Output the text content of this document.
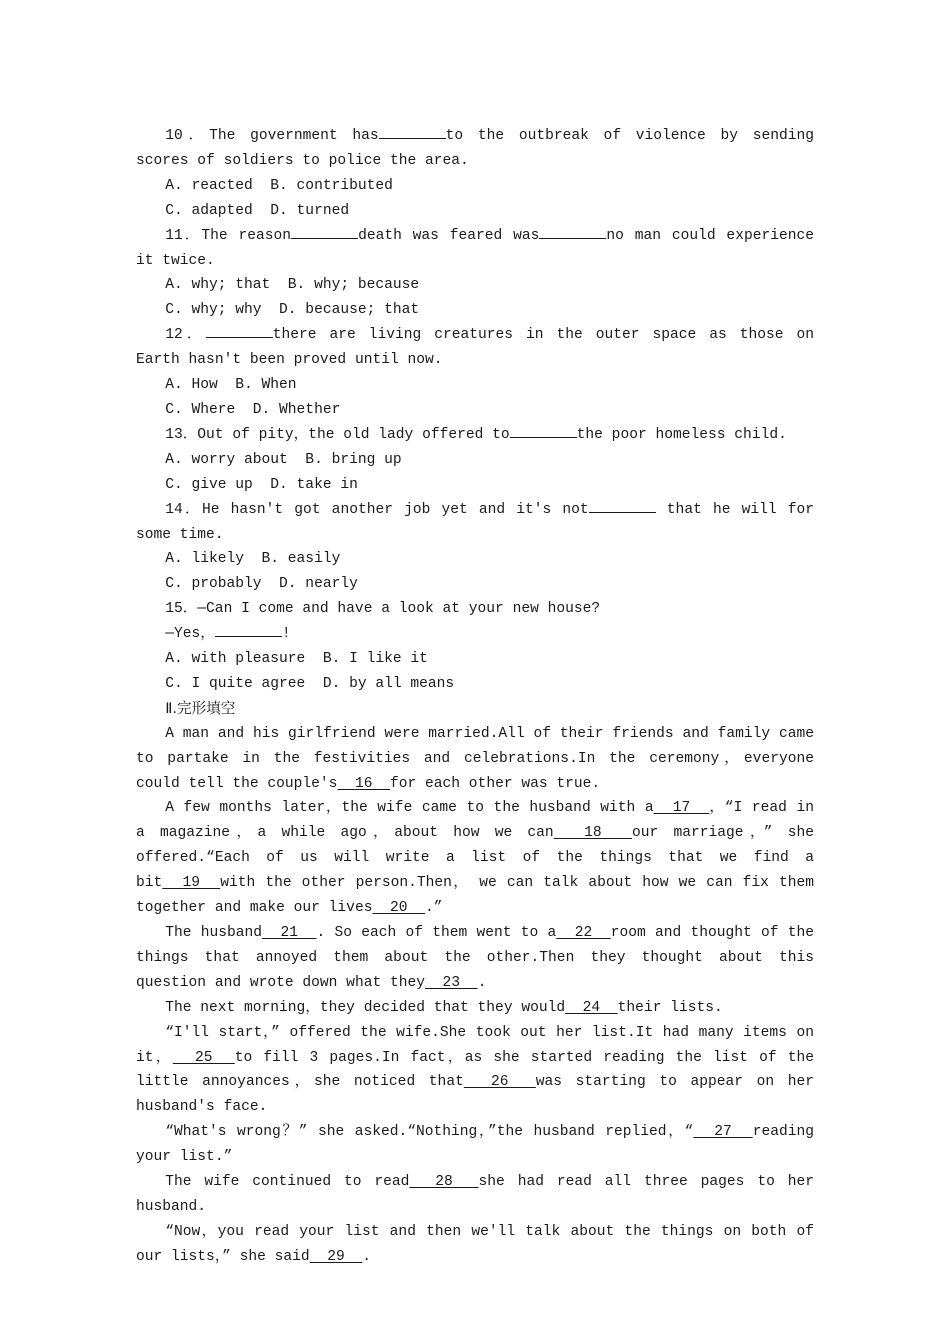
10．The government has	to the outbreak of violence by sending scores of soldiers to police the area.

A. reacted  B. contributed

C. adapted  D. turned

11．The reason	death was feared was	no man could experience it twice.

A. why; that  B. why; because

C. why; why  D. because; that

12．	there are living creatures in the outer space as those on Earth hasn't been proved until now.

A. How  B. When

C. Where  D. Whether

13．Out of pity，the old lady offered to	the poor homeless child.

A. worry about  B. bring up

C. give up  D. take in

14．He hasn't got another job yet and it's not	that he will for some time.

A. likely  B. easily

C. probably  D. nearly

15．—Can I come and have a look at your new house?

—Yes，	!

A. with pleasure  B. I like it

C. I quite agree  D. by all means

Ⅱ.完形填空

A man and his girlfriend were married.All of their friends and family came to partake in the festivities and celebrations.In the ceremony，everyone could tell the couple's  16  for each other was true.

A few months later，the wife came to the husband with a  17  ，“I read in a magazine，a while ago，about how we can  18  our marriage，” she offered.“Each of us will write a list of the things that we find a bit  19  with the other person.Then， we can talk about how we can fix them together and make our lives  20  .”

The husband  21  . So each of them went to a  22  room and thought of the things that annoyed them about the other.Then they thought about this question and wrote down what they  23  .

The next morning，they decided that they would  24  their lists.

“I'll start，” offered the wife.She took out her list.It had many items on it，  25  to fill 3 pages.In fact，as she started reading the list of the little annoyances，she noticed that  26  was starting to appear on her husband's face.

“What's wrong？” she asked.“Nothing，”the husband replied，“  27  reading your list.”

The wife continued to read  28  she had read all three pages to her husband.

“Now，you read your list and then we'll talk about the things on both of our lists，” she said  29  .
